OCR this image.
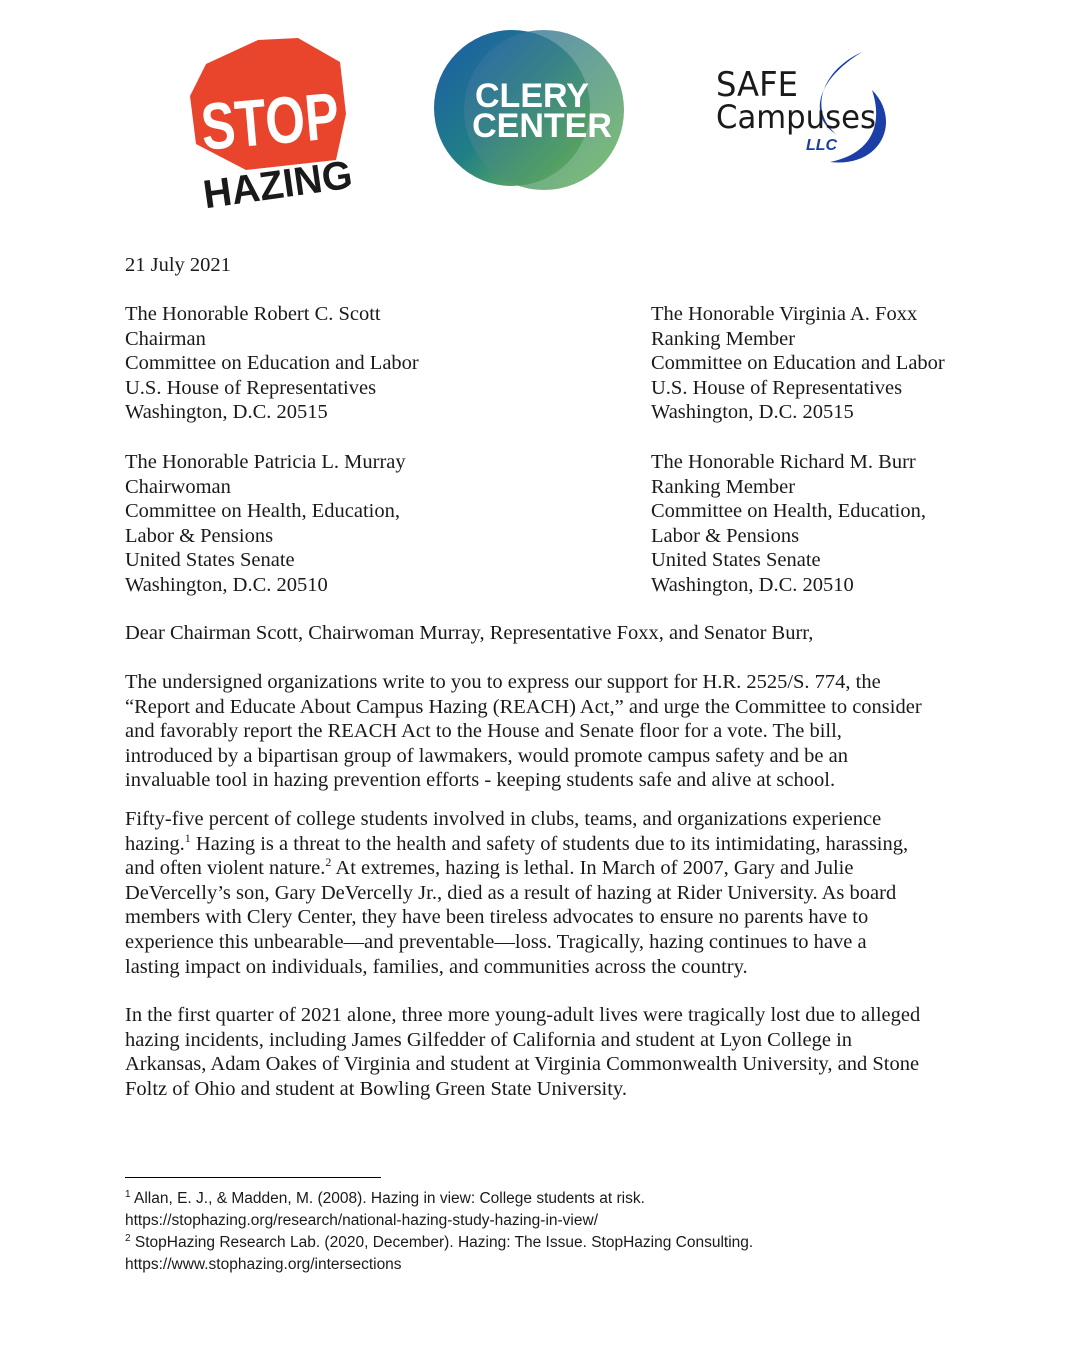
STOP
HAZING
CLERY
CENTER
SAFE
Campuses
LLC
21 July 2021
The Honorable Robert C. Scott
Chairman
Committee on Education and Labor
U.S. House of Representatives
Washington, D.C. 20515
The Honorable Virginia A. Foxx
Ranking Member
Committee on Education and Labor
U.S. House of Representatives
Washington, D.C. 20515
The Honorable Patricia L. Murray
Chairwoman
Committee on Health, Education,
Labor & Pensions
United States Senate
Washington, D.C. 20510
The Honorable Richard M. Burr
Ranking Member
Committee on Health, Education,
Labor & Pensions
United States Senate
Washington, D.C. 20510
Dear Chairman Scott, Chairwoman Murray, Representative Foxx, and Senator Burr,
The undersigned organizations write to you to express our support for H.R. 2525/S. 774, the
“Report and Educate About Campus Hazing (REACH) Act,” and urge the Committee to consider
and favorably report the REACH Act to the House and Senate floor for a vote. The bill,
introduced by a bipartisan group of lawmakers, would promote campus safety and be an
invaluable tool in hazing prevention efforts - keeping students safe and alive at school.
Fifty-five percent of college students involved in clubs, teams, and organizations experience
hazing.$^1$ Hazing is a threat to the health and safety of students due to its intimidating, harassing,
and often violent nature.$^2$ At extremes, hazing is lethal. In March of 2007, Gary and Julie
DeVercelly’s son, Gary DeVercelly Jr., died as a result of hazing at Rider University. As board
members with Clery Center, they have been tireless advocates to ensure no parents have to
experience this unbearable—and preventable—loss. Tragically, hazing continues to have a
lasting impact on individuals, families, and communities across the country.
In the first quarter of 2021 alone, three more young-adult lives were tragically lost due to alleged
hazing incidents, including James Gilfedder of California and student at Lyon College in
Arkansas, Adam Oakes of Virginia and student at Virginia Commonwealth University, and Stone
Foltz of Ohio and student at Bowling Green State University.
$^1$ Allan, E. J., & Madden, M. (2008). Hazing in view: College students at risk.
https://stophazing.org/research/national-hazing-study-hazing-in-view/
$^2$ StopHazing Research Lab. (2020, December). Hazing: The Issue. StopHazing Consulting.
https://www.stophazing.org/intersections
